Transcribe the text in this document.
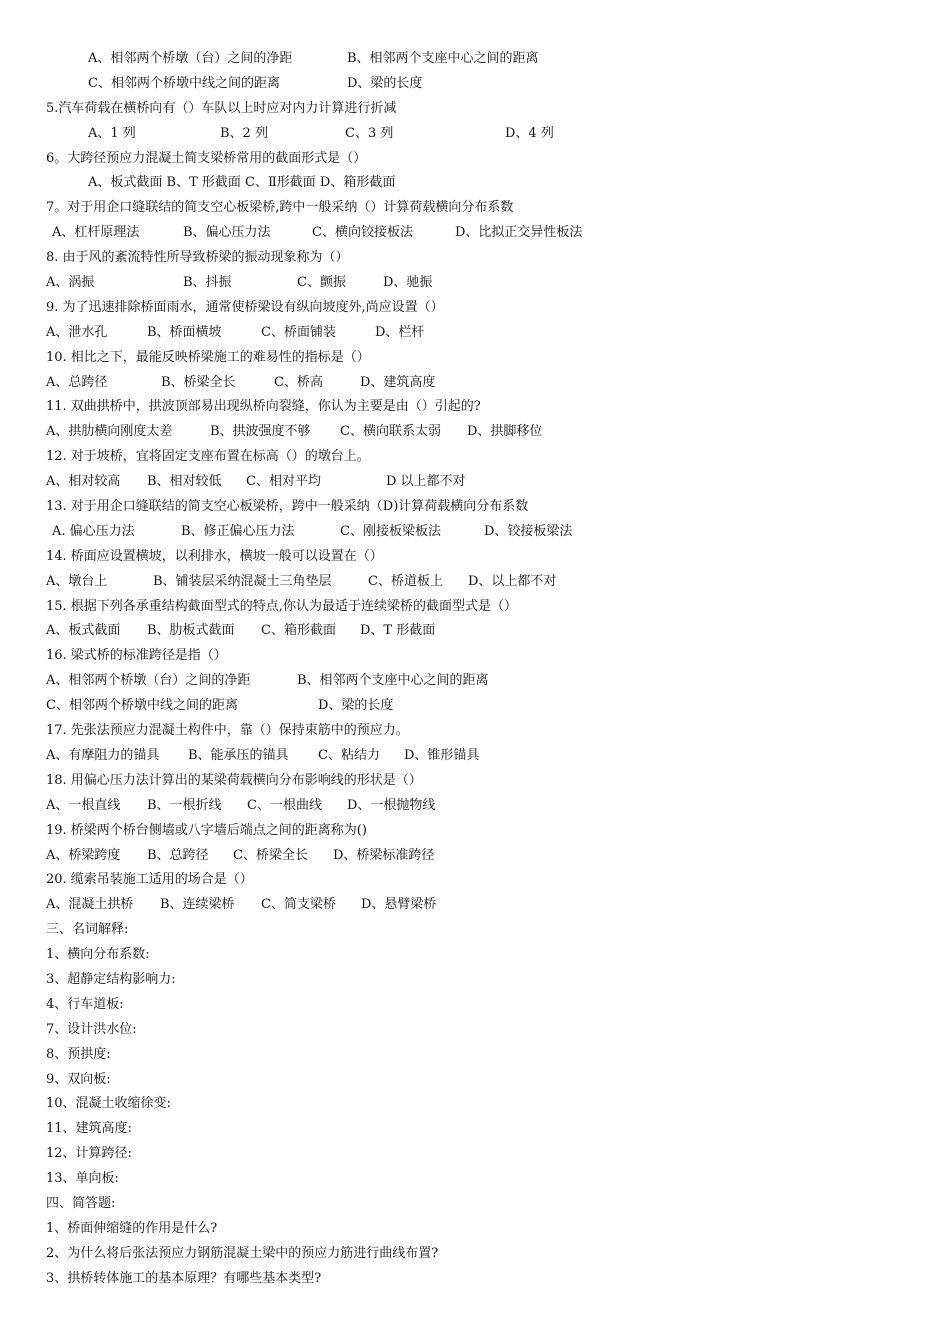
A、相邻两个桥墩（台）之间的净距	B、相邻两个支座中心之间的距离
C、相邻两个桥墩中线之间的距离	D、梁的长度
5.汽车荷载在横桥向有（）车队以上时应对内力计算进行折减
A、1 列	B、2 列	C、3 列	D、4 列
6。大跨径预应力混凝土简支梁桥常用的截面形式是（）
A、板式截面 B、T 形截面 C、Ⅱ形截面 D、箱形截面
7。对于用企口缝联结的简支空心板梁桥,跨中一般采纳（）计算荷载横向分布系数
A、杠杆原理法	B、偏心压力法	C、横向铰接板法	D、比拟正交异性板法
8. 由于风的紊流特性所导致桥梁的振动现象称为（）
A、涡振	B、抖振	C、颤振	D、驰振
9. 为了迅速排除桥面雨水，通常使桥梁设有纵向坡度外,尚应设置（）
A、泄水孔	B、桥面横坡	C、桥面铺装	D、栏杆
10. 相比之下，最能反映桥梁施工的难易性的指标是（）
A、总跨径	B、桥梁全长	C、桥高	D、建筑高度
11. 双曲拱桥中，拱波顶部易出现纵桥向裂缝，你认为主要是由（）引起的?
A、拱肋横向刚度太差	B、拱波强度不够 C、横向联系太弱 D、拱脚移位
12. 对于坡桥，宜将固定支座布置在标高（）的墩台上。
A、相对较高 B、相对较低 C、相对平均	D 以上都不对
13. 对于用企口缝联结的简支空心板梁桥，跨中一般采纳（D)计算荷载横向分布系数
A. 偏心压力法	B、修正偏心压力法	C、刚接板梁板法	D、铰接板梁法
14. 桥面应设置横坡，以利排水，横坡一般可以设置在（）
A、墩台上	B、铺装层采纳混凝土三角垫层	C、桥道板上 D、以上都不对
15. 根据下列各承重结构截面型式的特点,你认为最适于连续梁桥的截面型式是（）
A、板式截面 B、肋板式截面 C、箱形截面 D、T 形截面
16. 梁式桥的标准跨径是指（）
A、相邻两个桥墩（台）之间的净距	B、相邻两个支座中心之间的距离
C、相邻两个桥墩中线之间的距离	D、梁的长度
17. 先张法预应力混凝土构件中，靠（）保持束筋中的预应力。
A、有摩阻力的锚具 B、能承压的锚具 C、粘结力 D、锥形锚具
18. 用偏心压力法计算出的某梁荷载横向分布影响线的形状是（）
A、一根直线 B、一根折线 C、一根曲线 D、一根抛物线
19. 桥梁两个桥台侧墙或八字墙后端点之间的距离称为()
A、桥梁跨度 B、总跨径 C、桥梁全长 D、桥梁标准跨径
20. 缆索吊装施工适用的场合是（）
A、混凝土拱桥 B、连续梁桥 C、简支梁桥 D、悬臂梁桥
三、名词解释:
1、横向分布系数:
3、超静定结构影响力:
4、行车道板:
7、设计洪水位:
8、预拱度:
9、双向板:
10、混凝土收缩徐变:
11、建筑高度:
12、计算跨径:
13、单向板:
四、简答题:
1、桥面伸缩缝的作用是什么?
2、为什么将后张法预应力钢筋混凝土梁中的预应力筋进行曲线布置?
3、拱桥转体施工的基本原理？有哪些基本类型?
